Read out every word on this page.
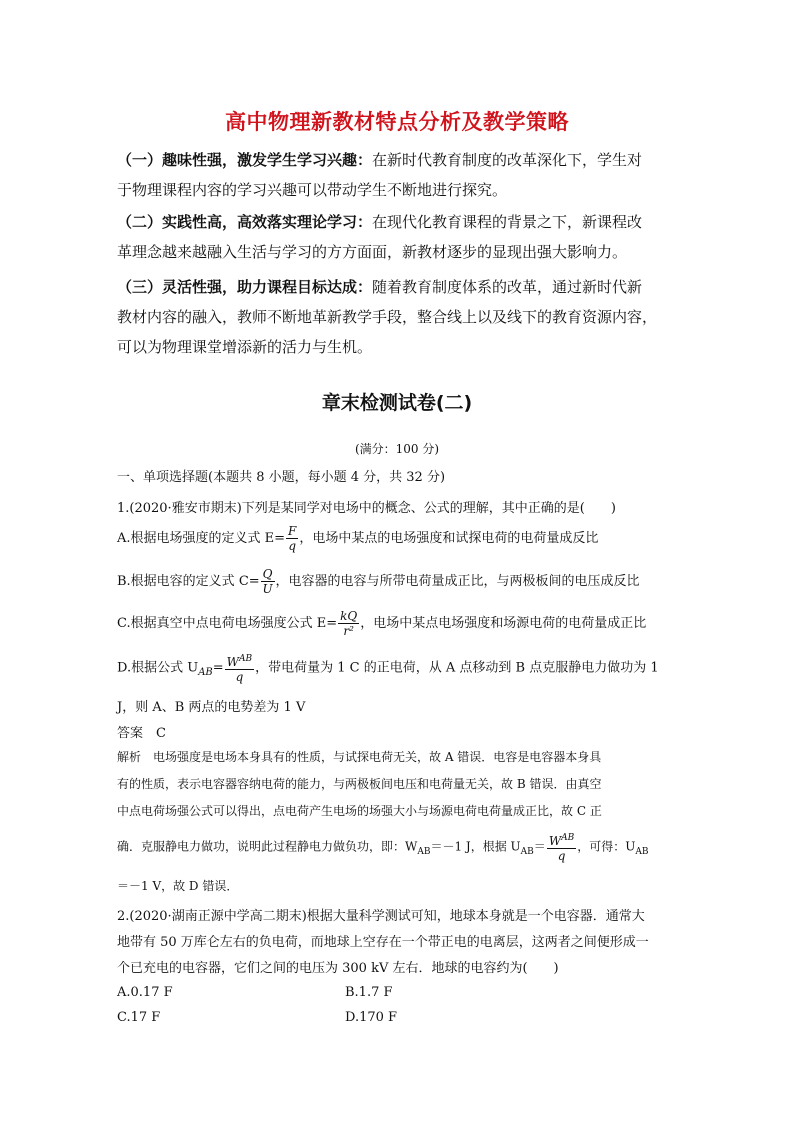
高中物理新教材特点分析及教学策略
（一）趣味性强，激发学生学习兴趣：在新时代教育制度的改革深化下，学生对
于物理课程内容的学习兴趣可以带动学生不断地进行探究。
（二）实践性高，高效落实理论学习：在现代化教育课程的背景之下，新课程改
革理念越来越融入生活与学习的方方面面，新教材逐步的显现出强大影响力。
（三）灵活性强，助力课程目标达成：随着教育制度体系的改革，通过新时代新
教材内容的融入，教师不断地革新教学手段，整合线上以及线下的教育资源内容，
可以为物理课堂增添新的活力与生机。
章末检测试卷(二)
(满分：100 分)
一、单项选择题(本题共 8 小题，每小题 4 分，共 32 分)
1.(2020·雅安市期末)下列是某同学对电场中的概念、公式的理解，其中正确的是(　　)
A.根据电场强度的定义式 $E= \frac{F}{q}$ ，电场中某点的电场强度和试探电荷的电荷量成反比
B.根据电容的定义式 $C= \frac{Q}{U}$ ，电容器的电容与所带电荷量成正比，与两极板间的电压成反比
C.根据真空中点电荷电场强度公式 $E= \frac{kQ}{\text{r²}}$ ，电场中某点电场强度和场源电荷的电荷量成正比
D.根据公式 $U_{AB}= \frac{W^{AB}}{q}$ ，带电荷量为 1 C 的正电荷，从 A 点移动到 B 点克服静电力做功为 1
J，则 A、B 两点的电势差为 1 V
答案　C
解析　电场强度是电场本身具有的性质，与试探电荷无关，故 A 错误．电容是电容器本身具
有的性质，表示电容器容纳电荷的能力，与两极板间电压和电荷量无关，故 B 错误．由真空
中点电荷场强公式可以得出，点电荷产生电场的场强大小与场源电荷电荷量成正比，故 C 正
确．克服静电力做功，说明此过程静电力做负功，即：$W_{AB}=-1$ J，根据 $U_{AB}= \frac{W^{AB}}{q}$ ，可得：$U_{AB}$
＝－1 V，故 D 错误．
2.(2020·湖南正源中学高二期末)根据大量科学测试可知，地球本身就是一个电容器．通常大
地带有 50 万库仑左右的负电荷，而地球上空存在一个带正电的电离层，这两者之间便形成一
个已充电的电容器，它们之间的电压为 300 kV 左右．地球的电容约为(　　)
A.0.17 F	B.1.7 F
C.17 F	D.170 F
